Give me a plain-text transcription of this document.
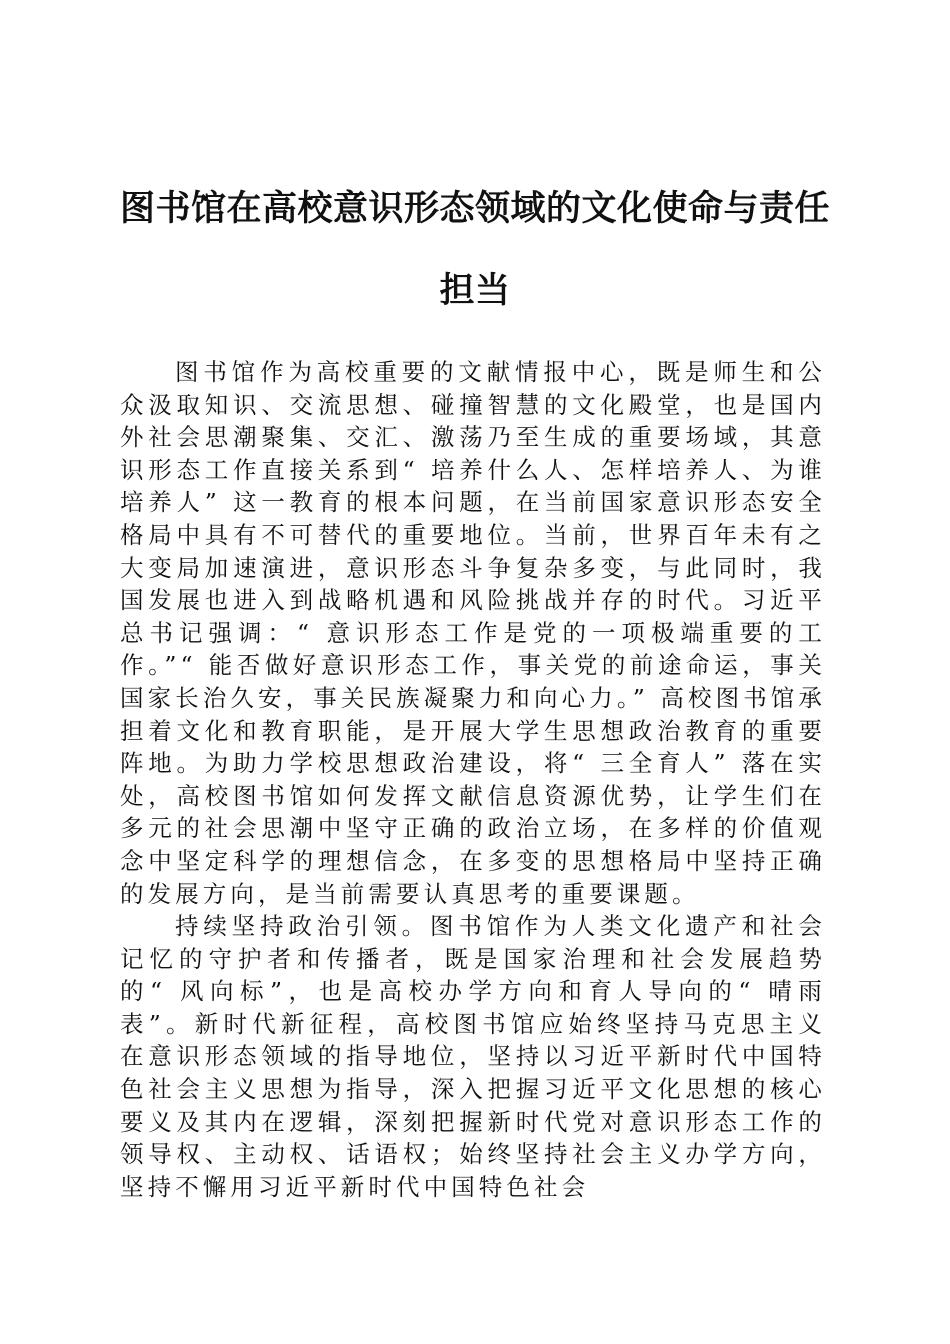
图书馆在高校意识形态领域的文化使命与责任担当

图书馆作为高校重要的文献情报中心，既是师生和公众汲取知识、交流思想、碰撞智慧的文化殿堂，也是国内外社会思潮聚集、交汇、激荡乃至生成的重要场域，其意识形态工作直接关系到“ 培养什么人、怎样培养人、为谁培养人” 这一教育的根本问题，在当前国家意识形态安全格局中具有不可替代的重要地位。当前，世界百年未有之大变局加速演进，意识形态斗争复杂多变，与此同时，我国发展也进入到战略机遇和风险挑战并存的时代。习近平总书记强调：“ 意识形态工作是党的一项极端重要的工作。”“ 能否做好意识形态工作，事关党的前途命运，事关国家长治久安，事关民族凝聚力和向心力。” 高校图书馆承担着文化和教育职能，是开展大学生思想政治教育的重要阵地。为助力学校思想政治建设，将“ 三全育人” 落在实处，高校图书馆如何发挥文献信息资源优势，让学生们在多元的社会思潮中坚守正确的政治立场，在多样的价值观念中坚定科学的理想信念，在多变的思想格局中坚持正确的发展方向，是当前需要认真思考的重要课题。

持续坚持政治引领。图书馆作为人类文化遗产和社会记忆的守护者和传播者，既是国家治理和社会发展趋势的“ 风向标”，也是高校办学方向和育人导向的“ 晴雨表”。新时代新征程，高校图书馆应始终坚持马克思主义在意识形态领域的指导地位，坚持以习近平新时代中国特色社会主义思想为指导，深入把握习近平文化思想的核心要义及其内在逻辑，深刻把握新时代党对意识形态工作的领导权、主动权、话语权；始终坚持社会主义办学方向，坚持不懈用习近平新时代中国特色社会
